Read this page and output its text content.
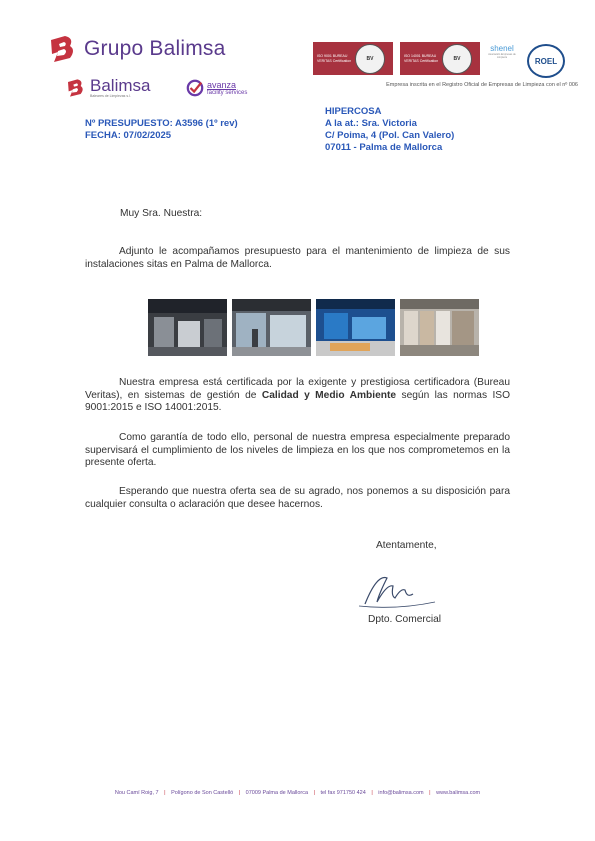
Grupo Balimsa
Balimsa
Baleares de Limpiezas s.l.
avanza
facility services
ISO 9001 BUREAU VERITAS Certification	BV	ISO 14001 BUREAU VERITAS Certification	BV
shenel
Asociación Empresas de Limpieza	ROEL
Empresa inscrita en el Registro Oficial de Empresas de Limpieza con el nº 006
Nº PRESUPUESTO: A3596 (1º rev)
FECHA: 07/02/2025
HIPERCOSA
A la at.: Sra. Victoria
C/ Poima, 4 (Pol. Can Valero)
07011 - Palma de Mallorca
Muy Sra. Nuestra:
Adjunto le acompañamos presupuesto para el mantenimiento de limpieza de sus instalaciones sitas en Palma de Mallorca.
Nuestra empresa está certificada por la exigente y prestigiosa certificadora (Bureau Veritas), en sistemas de gestión de Calidad y Medio Ambiente según las normas ISO 9001:2015 e ISO 14001:2015.
Como garantía de todo ello, personal de nuestra empresa especialmente preparado supervisará el cumplimiento de los niveles de limpieza en los que nos comprometemos en la presente oferta.
Esperando que nuestra oferta sea de su agrado, nos ponemos a su disposición para cualquier consulta o aclaración que desee hacernos.
Atentamente,
Dpto. Comercial
Nou Camí Roig, 7 | Polígono de Son Castelló | 07009 Palma de Mallorca | tel fax 971750 424 | info@balimsa.com | www.balimsa.com
